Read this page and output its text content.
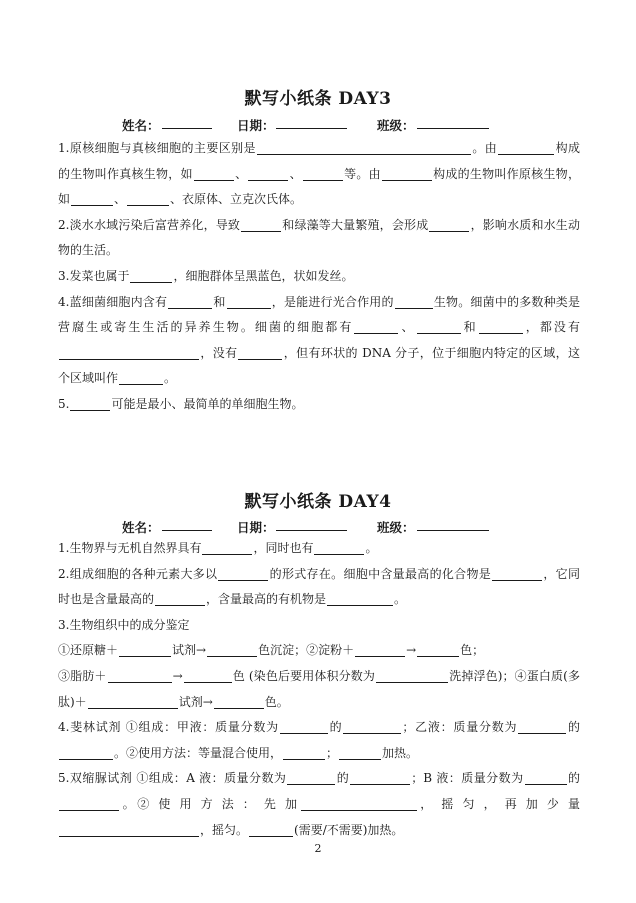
默写小纸条 DAY3
姓名：	日期：	班级：

1.原核细胞与真核细胞的主要区别是	。由	构成的生物叫作真核生物，如	、	、	等。由	构成的生物叫作原核生物，如	、	、衣原体、立克次氏体。

2.淡水水域污染后富营养化，导致	和绿藻等大量繁殖，会形成	，影响水质和水生动物的生活。

3.发菜也属于	，细胞群体呈黑蓝色，状如发丝。

4.蓝细菌细胞内含有	和	，是能进行光合作用的	生物。细菌中的多数种类是营腐生或寄生生活的异养生物。细菌的细胞都有	、	和	，都没有，没有	，但有环状的 DNA 分子，位于细胞内特定的区域，这个区域叫作	。

5.	可能是最小、最简单的单细胞生物。

默写小纸条 DAY4
姓名：	日期：	班级：

1.生物界与无机自然界具有	，同时也有	。

2.组成细胞的各种元素大多以	的形式存在。细胞中含量最高的化合物是	，它同时也是含量最高的	，含量最高的有机物是	。

3.生物组织中的成分鉴定

①还原糖＋	试剂→	色沉淀；②淀粉＋	→	色；

③脂肪＋	→	色 (染色后要用体积分数为	洗掉浮色)；④蛋白质(多肽)＋	试剂→	色。

4.斐林试剂 ①组成：甲液：质量分数为	的	；乙液：质量分数为	的。②使用方法：等量混合使用，	；	加热。

5.双缩脲试剂 ①组成：A 液：质量分数为	的	；B 液：质量分数为	的。② 使 用 方 法 ： 先 加	， 摇 匀 ， 再 加 少 量，摇匀。	(需要/不需要)加热。

2
